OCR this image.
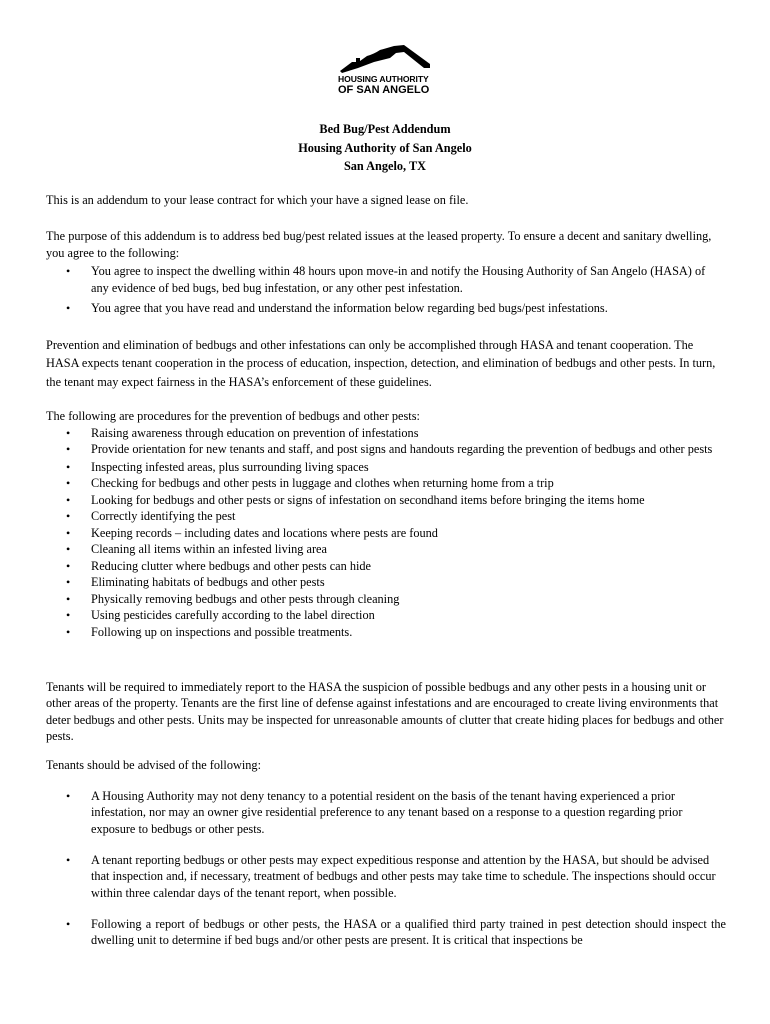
HOUSING AUTHORITY
OF SAN ANGELO
Bed Bug/Pest Addendum
Housing Authority of San Angelo
San Angelo, TX

This is an addendum to your lease contract for which your have a signed lease on file.

The purpose of this addendum is to address bed bug/pest related issues at the leased property. To ensure a decent and sanitary dwelling, you agree to the following:

• You agree to inspect the dwelling within 48 hours upon move-in and notify the Housing Authority of San Angelo (HASA) of any evidence of bed bugs, bed bug infestation, or any other pest infestation.
• You agree that you have read and understand the information below regarding bed bugs/pest infestations.

Prevention and elimination of bedbugs and other infestations can only be accomplished through HASA and tenant cooperation. The HASA expects tenant cooperation in the process of education, inspection, detection, and elimination of bedbugs and other pests. In turn, the tenant may expect fairness in the HASA’s enforcement of these guidelines.

The following are procedures for the prevention of bedbugs and other pests:

• Raising awareness through education on prevention of infestations
• Provide orientation for new tenants and staff, and post signs and handouts regarding the prevention of bedbugs and other pests
• Inspecting infested areas, plus surrounding living spaces
• Checking for bedbugs and other pests in luggage and clothes when returning home from a trip
• Looking for bedbugs and other pests or signs of infestation on secondhand items before bringing the items home
• Correctly identifying the pest
• Keeping records – including dates and locations where pests are found
• Cleaning all items within an infested living area
• Reducing clutter where bedbugs and other pests can hide
• Eliminating habitats of bedbugs and other pests
• Physically removing bedbugs and other pests through cleaning
• Using pesticides carefully according to the label direction
• Following up on inspections and possible treatments.

Tenants will be required to immediately report to the HASA the suspicion of possible bedbugs and any other pests in a housing unit or other areas of the property. Tenants are the first line of defense against infestations and are encouraged to create living environments that deter bedbugs and other pests. Units may be inspected for unreasonable amounts of clutter that create hiding places for bedbugs and other pests.

Tenants should be advised of the following:

• A Housing Authority may not deny tenancy to a potential resident on the basis of the tenant having experienced a prior infestation, nor may an owner give residential preference to any tenant based on a response to a question regarding prior exposure to bedbugs or other pests.
• A tenant reporting bedbugs or other pests may expect expeditious response and attention by the HASA, but should be advised that inspection and, if necessary, treatment of bedbugs and other pests may take time to schedule. The inspections should occur within three calendar days of the tenant report, when possible.
• Following a report of bedbugs or other pests, the HASA or a qualified third party trained in pest detection should inspect the dwelling unit to determine if bed bugs and/or other pests are present. It is critical that inspections be
